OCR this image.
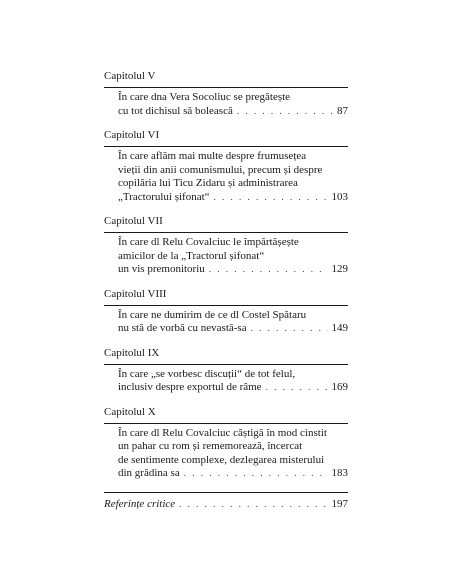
Capitolul V
În care dna Vera Socoliuc se pregătește
cu tot dichisul să bolească . . .	87
Capitolul VI
În care aflăm mai multe despre frumusețea
vieții din anii comunismului, precum și despre
copilăria lui Ticu Zidaru și administrarea
„Tractorului șifonat“ . . .	103
Capitolul VII
În care dl Relu Covalciuc le împărtășește
amicilor de la „Tractorul șifonat“
un vis premonitoriu . . .	129
Capitolul VIII
În care ne dumirim de ce dl Costel Spătaru
nu stă de vorbă cu nevastă-sa . . .	149
Capitolul IX
În care „se vorbesc discuții“ de tot felul,
inclusiv despre exportul de râme . . .	169
Capitolul X
În care dl Relu Covalciuc câștigă în mod cinstit
un pahar cu rom și rememorează, încercat
de sentimente complexe, dezlegarea misterului
din grădina sa . . .	183
Referințe critice . . .	197
